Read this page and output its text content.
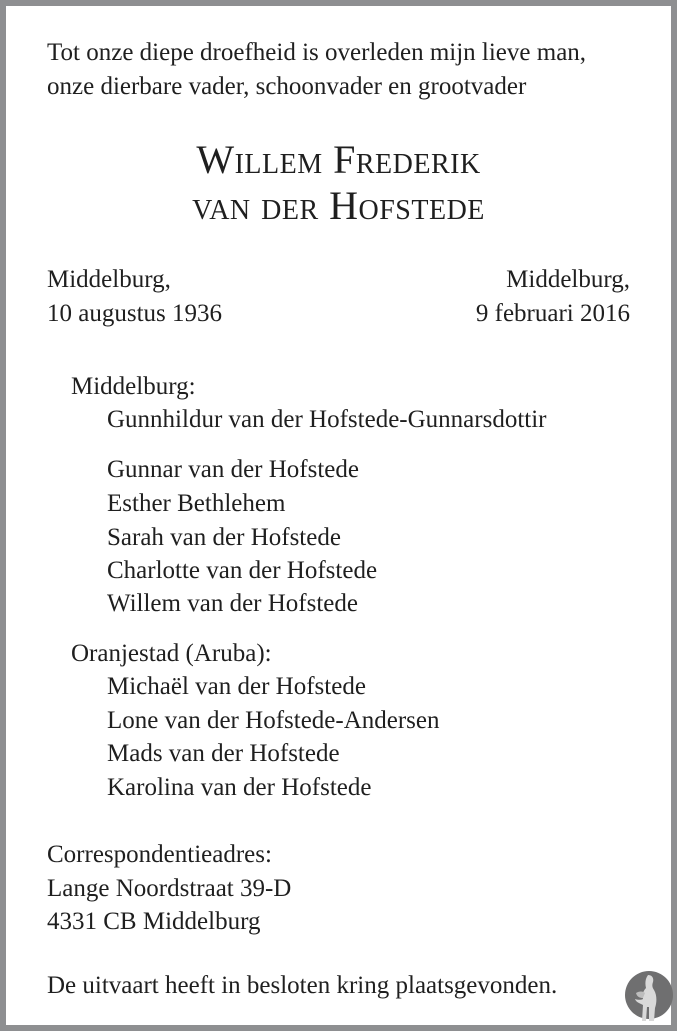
Tot onze diepe droefheid is overleden mijn lieve man,
onze dierbare vader, schoonvader en grootvader
Willem Frederik
van der Hofstede
Middelburg,
10 augustus 1936
Middelburg,
9 februari 2016
Middelburg:
Gunnhildur van der Hofstede-Gunnarsdottir
Gunnar van der Hofstede
Esther Bethlehem
Sarah van der Hofstede
Charlotte van der Hofstede
Willem van der Hofstede
Oranjestad (Aruba):
Michaël van der Hofstede
Lone van der Hofstede-Andersen
Mads van der Hofstede
Karolina van der Hofstede
Correspondentieadres:
Lange Noordstraat 39-D
4331 CB Middelburg
De uitvaart heeft in besloten kring plaatsgevonden.
